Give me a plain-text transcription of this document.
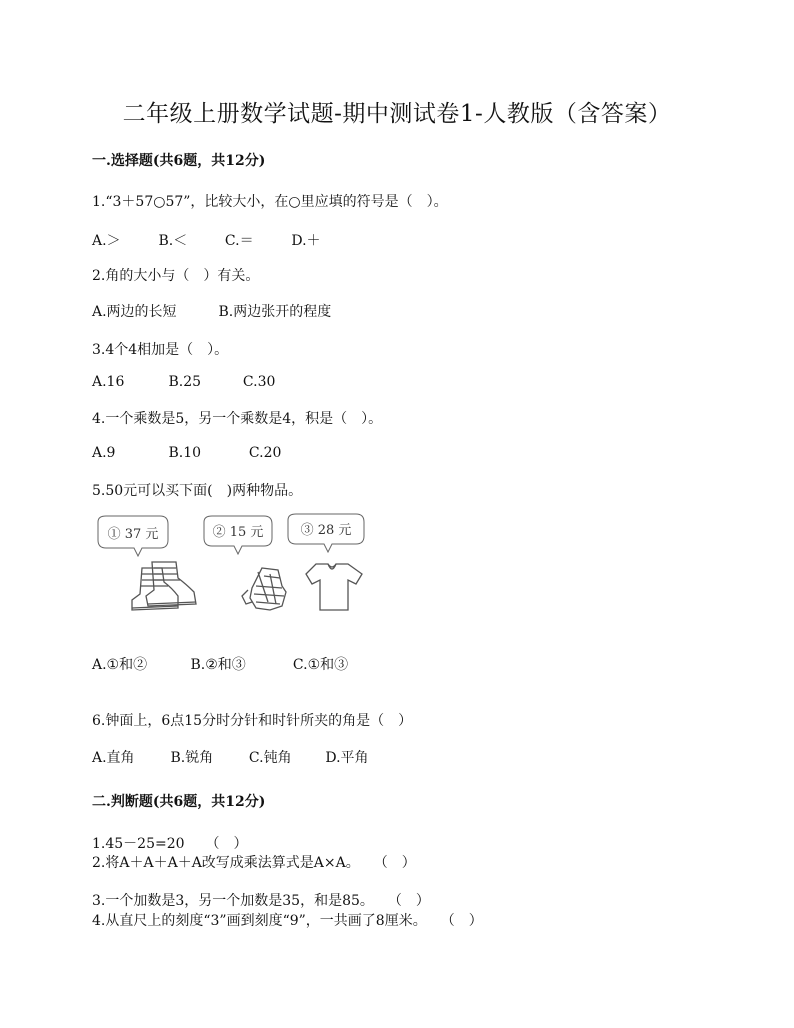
二年级上册数学试题-期中测试卷1-人教版（含答案）
一.选择题(共6题，共12分)
1.“3＋57○57”，比较大小，在○里应填的符号是（　）。
A.＞	B.＜	C.＝	D.＋
2.角的大小与（　）有关。
A.两边的长短	B.两边张开的程度
3.4个4相加是（　）。
A.16	B.25	C.30
4.一个乘数是5，另一个乘数是4，积是（　）。
A.9	B.10	C.20
5.50元可以买下面(　)两种物品。
① 37 元	② 15 元	③ 28 元
A.①和②	B.②和③	C.①和③
6.钟面上，6点15分时分针和时针所夹的角是（　）
A.直角	B.锐角	C.钝角 D.平角
二.判断题(共6题，共12分)
1.45－25=20　　（　）
2.将A＋A＋A＋A改写成乘法算式是A×A。　　（　）
3.一个加数是3，另一个加数是35，和是85。　　（　）
4.从直尺上的刻度“3”画到刻度“9”，一共画了8厘米。　　（　）
